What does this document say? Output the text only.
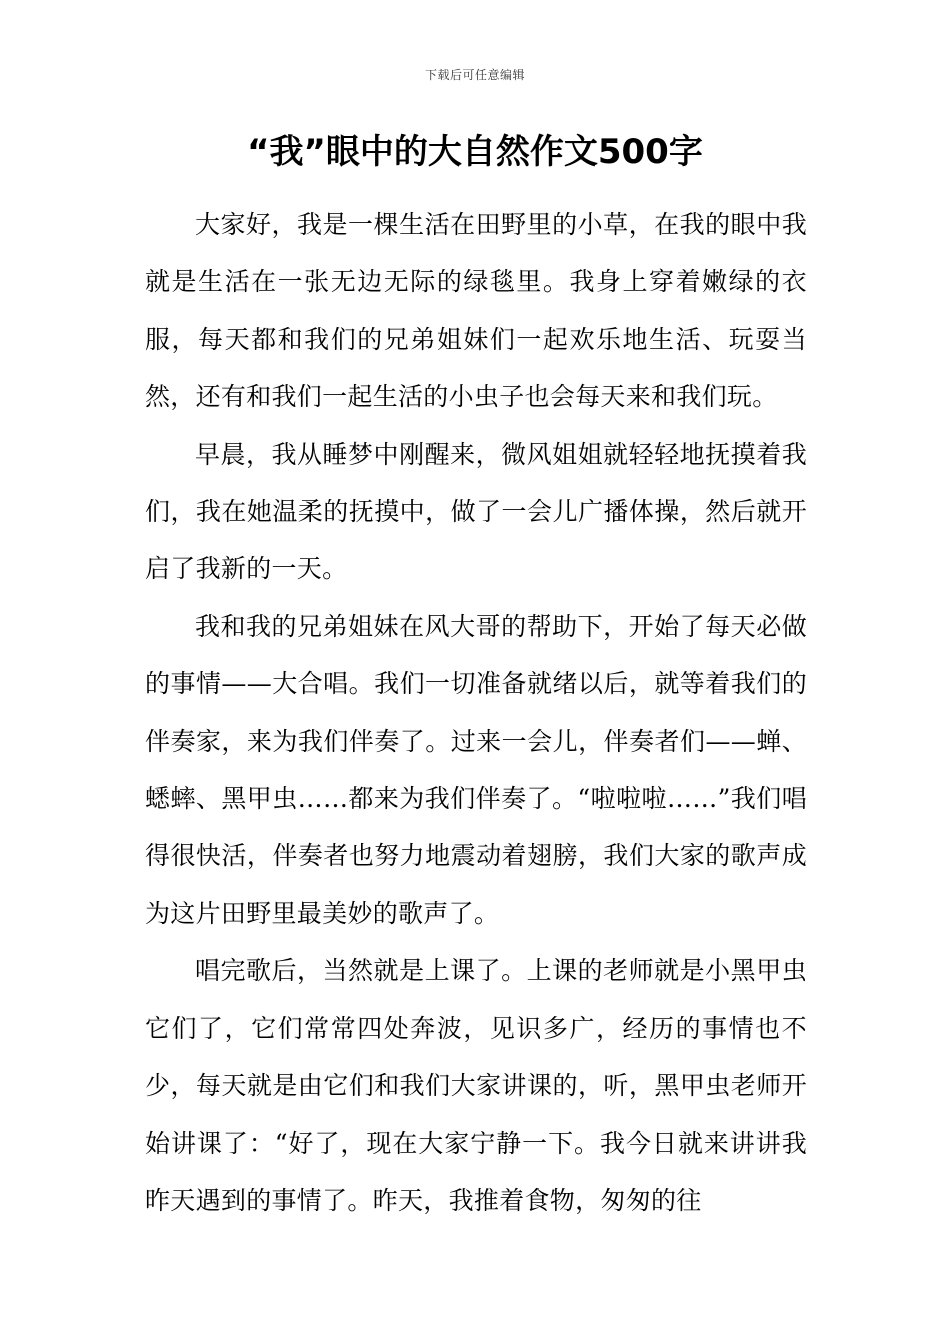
下载后可任意编辑
“我”眼中的大自然作文500字

大家好，我是一棵生活在田野里的小草，在我的眼中我就是生活在一张无边无际的绿毯里。我身上穿着嫩绿的衣服，每天都和我们的兄弟姐妹们一起欢乐地生活、玩耍当然，还有和我们一起生活的小虫子也会每天来和我们玩。

早晨，我从睡梦中刚醒来，微风姐姐就轻轻地抚摸着我们，我在她温柔的抚摸中，做了一会儿广播体操，然后就开启了我新的一天。

我和我的兄弟姐妹在风大哥的帮助下，开始了每天必做的事情——大合唱。我们一切准备就绪以后，就等着我们的伴奏家，来为我们伴奏了。过来一会儿，伴奏者们——蝉、蟋蟀、黑甲虫……都来为我们伴奏了。“啦啦啦……”我们唱得很快活，伴奏者也努力地震动着翅膀，我们大家的歌声成为这片田野里最美妙的歌声了。

唱完歌后，当然就是上课了。上课的老师就是小黑甲虫它们了，它们常常四处奔波，见识多广，经历的事情也不少，每天就是由它们和我们大家讲课的，听，黑甲虫老师开始讲课了：“好了，现在大家宁静一下。我今日就来讲讲我昨天遇到的事情了。昨天，我推着食物，匆匆的往
